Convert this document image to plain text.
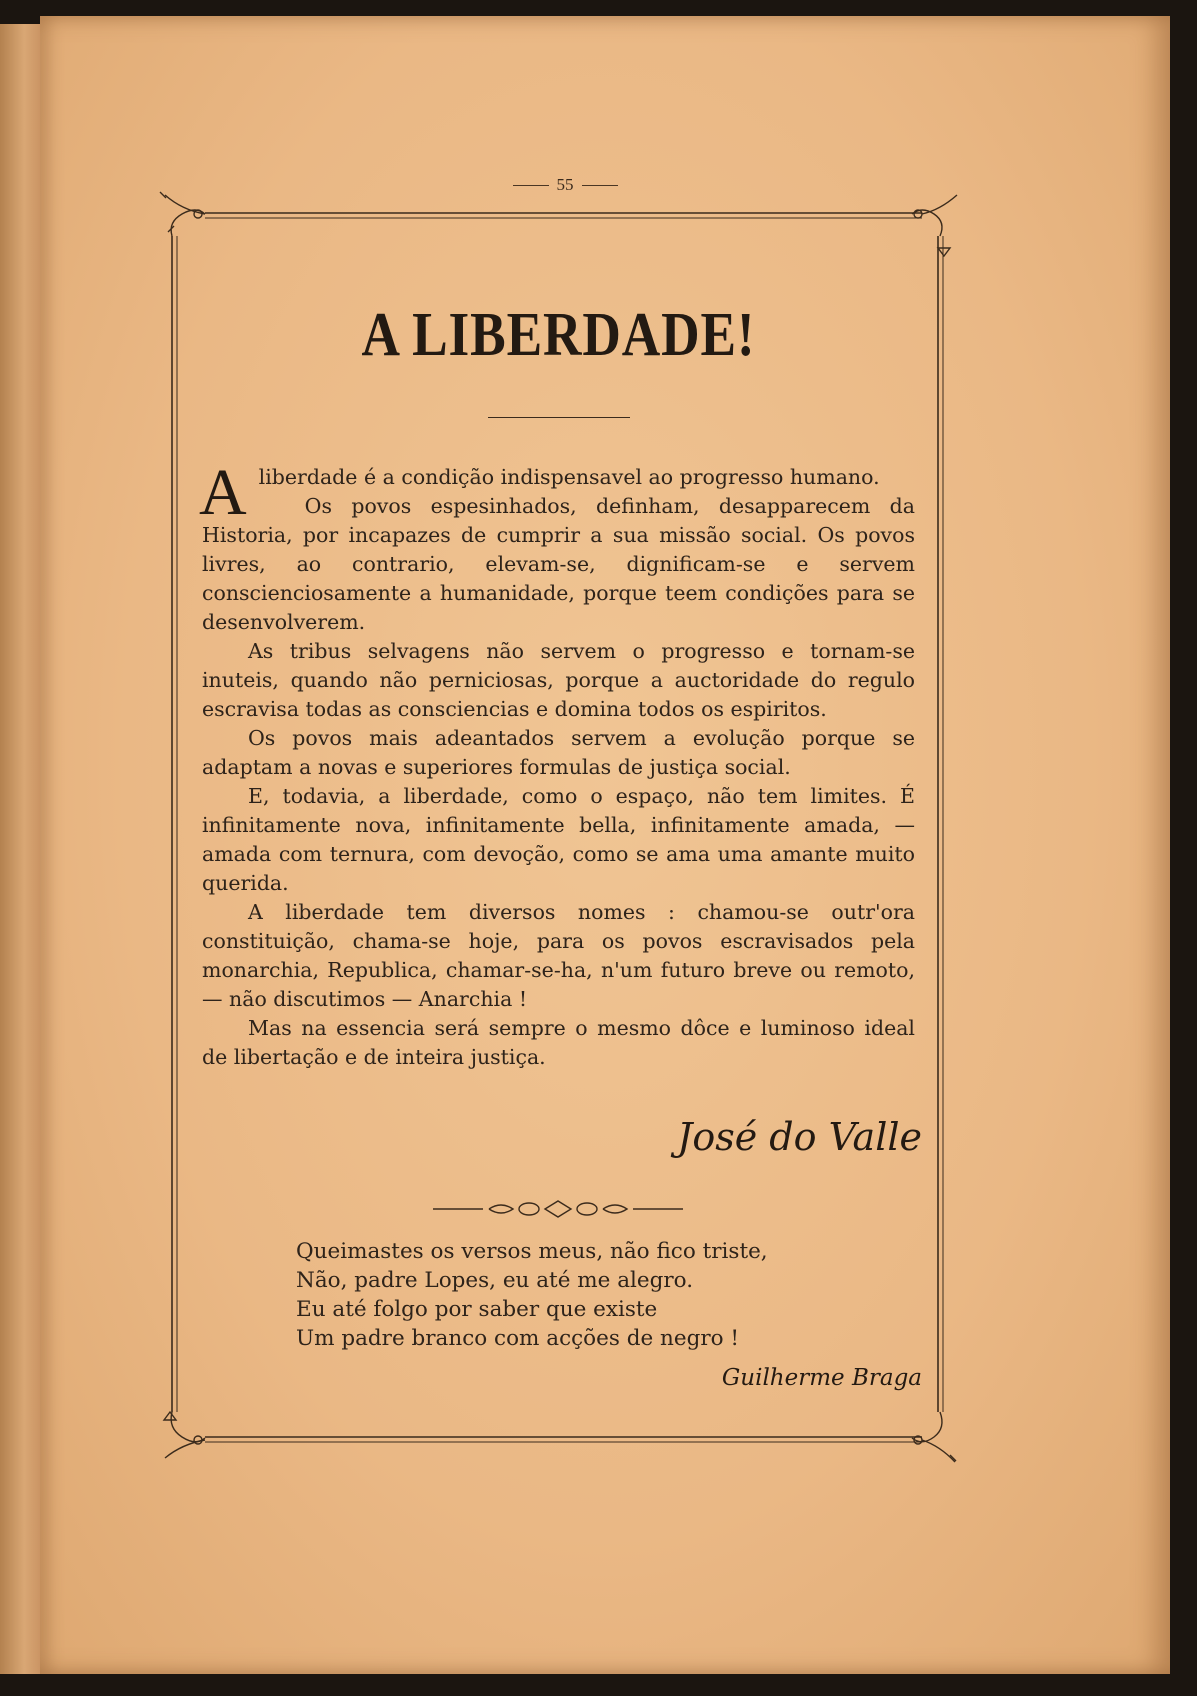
55
A LIBERDADE!

Aliberdade é a condição indispensavel ao progresso humano.

Os povos espesinhados, definham, desapparecem da Historia, por incapazes de cumprir a sua missão social. Os povos livres, ao contrario, elevam-se, dignificam-se e servem conscienciosamente a humanidade, porque teem condições para se desenvolverem.

As tribus selvagens não servem o progresso e tornam-se inuteis, quando não perniciosas, porque a auctoridade do regulo escravisa todas as consciencias e domina todos os espiritos.

Os povos mais adeantados servem a evolução porque se adaptam a novas e superiores formulas de justiça social.

E, todavia, a liberdade, como o espaço, não tem limites. É infinitamente nova, infinitamente bella, infinitamente amada, — amada com ternura, com devoção, como se ama uma amante muito querida.

A liberdade tem diversos nomes : chamou-se outr'ora constituição, chama-se hoje, para os povos escravisados pela monarchia, Republica, chamar-se-ha, n'um futuro breve ou remoto, — não discutimos — Anarchia !

Mas na essencia será sempre o mesmo dôce e luminoso ideal de libertação e de inteira justiça.

José do Valle
Queimastes os versos meus, não fico triste,
Não, padre Lopes, eu até me alegro.
Eu até folgo por saber que existe
Um padre branco com acções de negro !
Guilherme Braga
